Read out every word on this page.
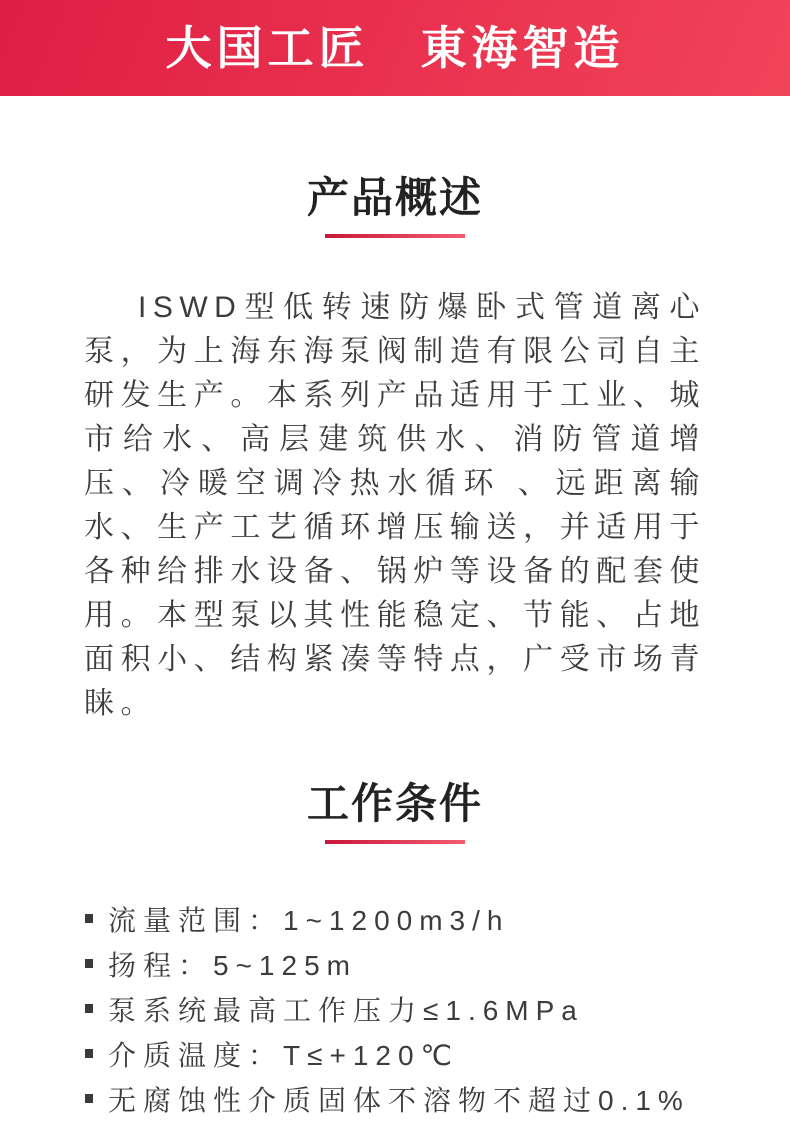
大国工匠　東海智造
产品概述

ISWD型低转速防爆卧式管道离心泵，为上海东海泵阀制造有限公司自主研发生产。本系列产品适用于工业、城市给水、高层建筑供水、消防管道增压、冷暖空调冷热水循环 、远距离输水、生产工艺循环增压输送，并适用于各种给排水设备、锅炉等设备的配套使用。本型泵以其性能稳定、节能、占地面积小、结构紧凑等特点，广受市场青睐。

工作条件
流量范围：1~1200m3/h
扬程：5~125m
泵系统最高工作压力≤1.6MPa
介质温度：T≤+120℃
无腐蚀性介质固体不溶物不超过0.1%
